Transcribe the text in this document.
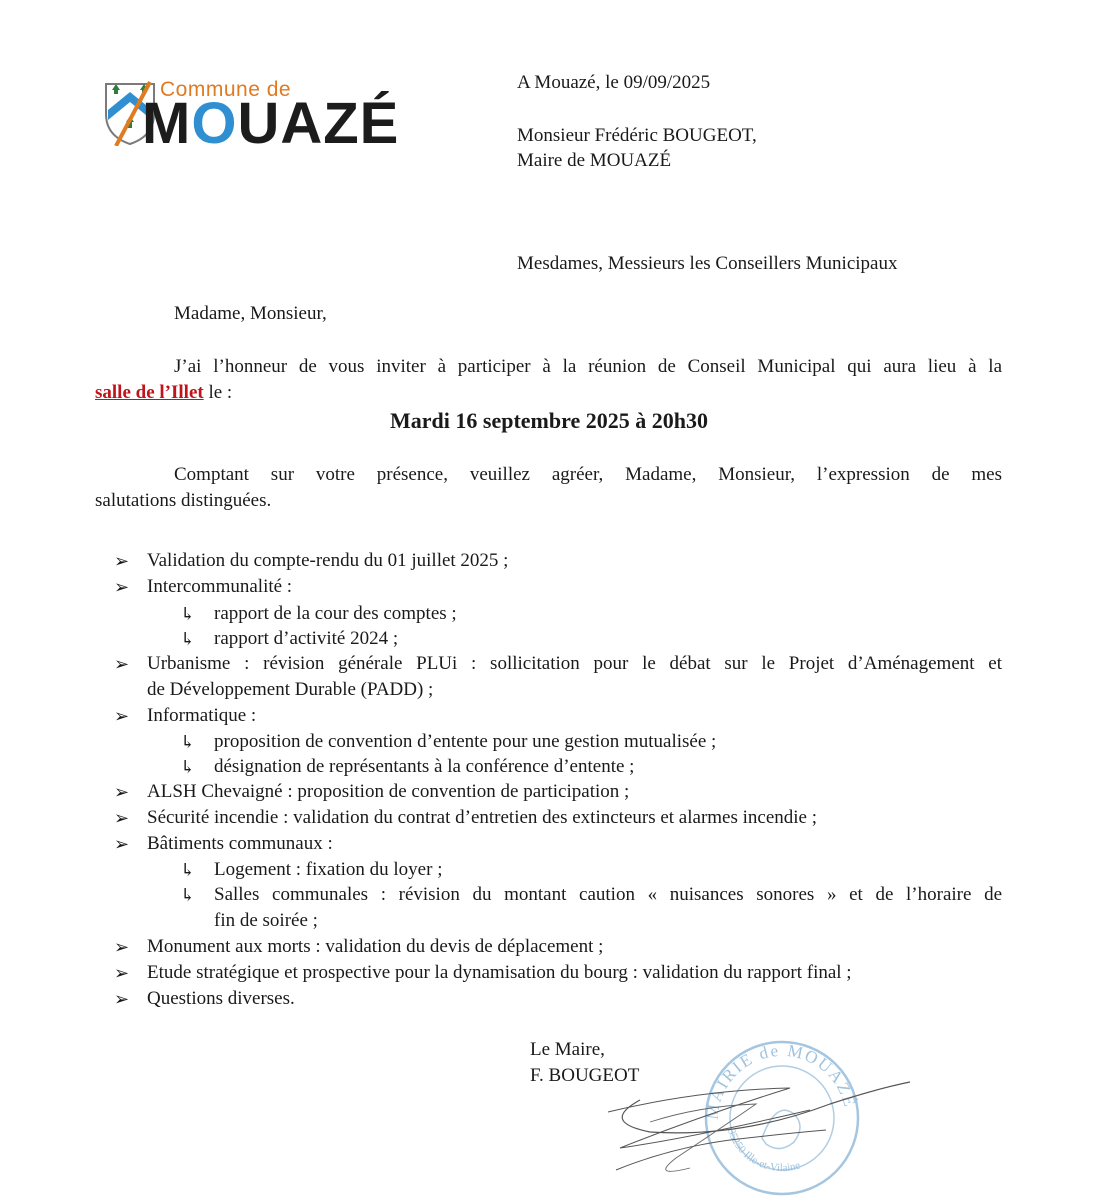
Commune de
MOUAZÉ
A Mouazé, le 09/09/2025
Monsieur Frédéric BOUGEOT,
Maire de MOUAZÉ
Mesdames, Messieurs les Conseillers Municipaux
Madame, Monsieur,
J’ai l’honneur de vous inviter à participer à la réunion de Conseil Municipal qui aura lieu à la
salle de l’Illet le :
Mardi 16 septembre 2025 à 20h30
Comptant sur votre présence, veuillez agréer, Madame, Monsieur, l’expression de mes
salutations distinguées.
➢ Validation du compte-rendu du 01 juillet 2025 ;
➢ Intercommunalité :
↳ rapport de la cour des comptes ;
↳ rapport d’activité 2024 ;
➢ Urbanisme : révision générale PLUi : sollicitation pour le débat sur le Projet d’Aménagement et
de Développement Durable (PADD) ;
➢ Informatique :
↳ proposition de convention d’entente pour une gestion mutualisée ;
↳ désignation de représentants à la conférence d’entente ;
➢ ALSH Chevaigné : proposition de convention de participation ;
➢ Sécurité incendie : validation du contrat d’entretien des extincteurs et alarmes incendie ;
➢ Bâtiments communaux :
↳ Logement : fixation du loyer ;
↳ Salles communales : révision du montant caution « nuisances sonores » et de l’horaire de
fin de soirée ;
➢ Monument aux morts : validation du devis de déplacement ;
➢ Etude stratégique et prospective pour la dynamisation du bourg : validation du rapport final ;
➢ Questions diverses.
Le Maire,
F. BOUGEOT
MAIRIE de MOUAZÉ
35250 Ille-et-Vilaine
